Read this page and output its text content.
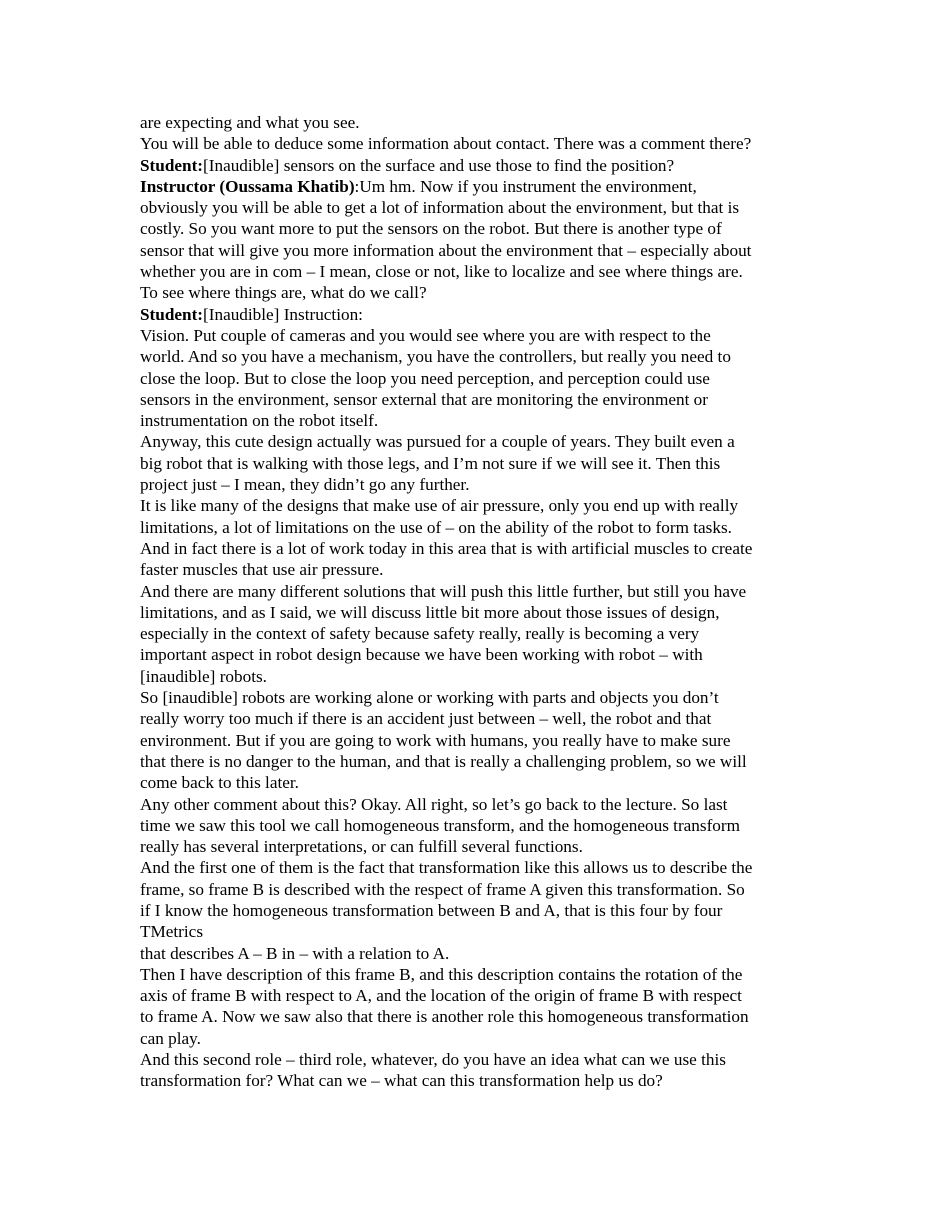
are expecting and what you see.

You will be able to deduce some information about contact. There was a comment there?

Student:[Inaudible] sensors on the surface and use those to find the position?

Instructor (Oussama Khatib):Um hm. Now if you instrument the environment,
obviously you will be able to get a lot of information about the environment, but that is
costly. So you want more to put the sensors on the robot. But there is another type of
sensor that will give you more information about the environment that – especially about
whether you are in com – I mean, close or not, like to localize and see where things are.
To see where things are, what do we call?

Student:[Inaudible] Instruction:

Vision. Put couple of cameras and you would see where you are with respect to the
world. And so you have a mechanism, you have the controllers, but really you need to
close the loop. But to close the loop you need perception, and perception could use
sensors in the environment, sensor external that are monitoring the environment or
instrumentation on the robot itself.

Anyway, this cute design actually was pursued for a couple of years. They built even a
big robot that is walking with those legs, and I’m not sure if we will see it. Then this
project just – I mean, they didn’t go any further.

It is like many of the designs that make use of air pressure, only you end up with really
limitations, a lot of limitations on the use of – on the ability of the robot to form tasks.
And in fact there is a lot of work today in this area that is with artificial muscles to create
faster muscles that use air pressure.

And there are many different solutions that will push this little further, but still you have
limitations, and as I said, we will discuss little bit more about those issues of design,
especially in the context of safety because safety really, really is becoming a very
important aspect in robot design because we have been working with robot – with
[inaudible] robots.

So [inaudible] robots are working alone or working with parts and objects you don’t
really worry too much if there is an accident just between – well, the robot and that
environment. But if you are going to work with humans, you really have to make sure
that there is no danger to the human, and that is really a challenging problem, so we will
come back to this later.

Any other comment about this? Okay. All right, so let’s go back to the lecture. So last
time we saw this tool we call homogeneous transform, and the homogeneous transform
really has several interpretations, or can fulfill several functions.

And the first one of them is the fact that transformation like this allows us to describe the
frame, so frame B is described with the respect of frame A given this transformation. So
if I know the homogeneous transformation between B and A, that is this four by four
TMetrics

that describes A – B in – with a relation to A.

Then I have description of this frame B, and this description contains the rotation of the
axis of frame B with respect to A, and the location of the origin of frame B with respect
to frame A. Now we saw also that there is another role this homogeneous transformation
can play.

And this second role – third role, whatever, do you have an idea what can we use this
transformation for? What can we – what can this transformation help us do?
